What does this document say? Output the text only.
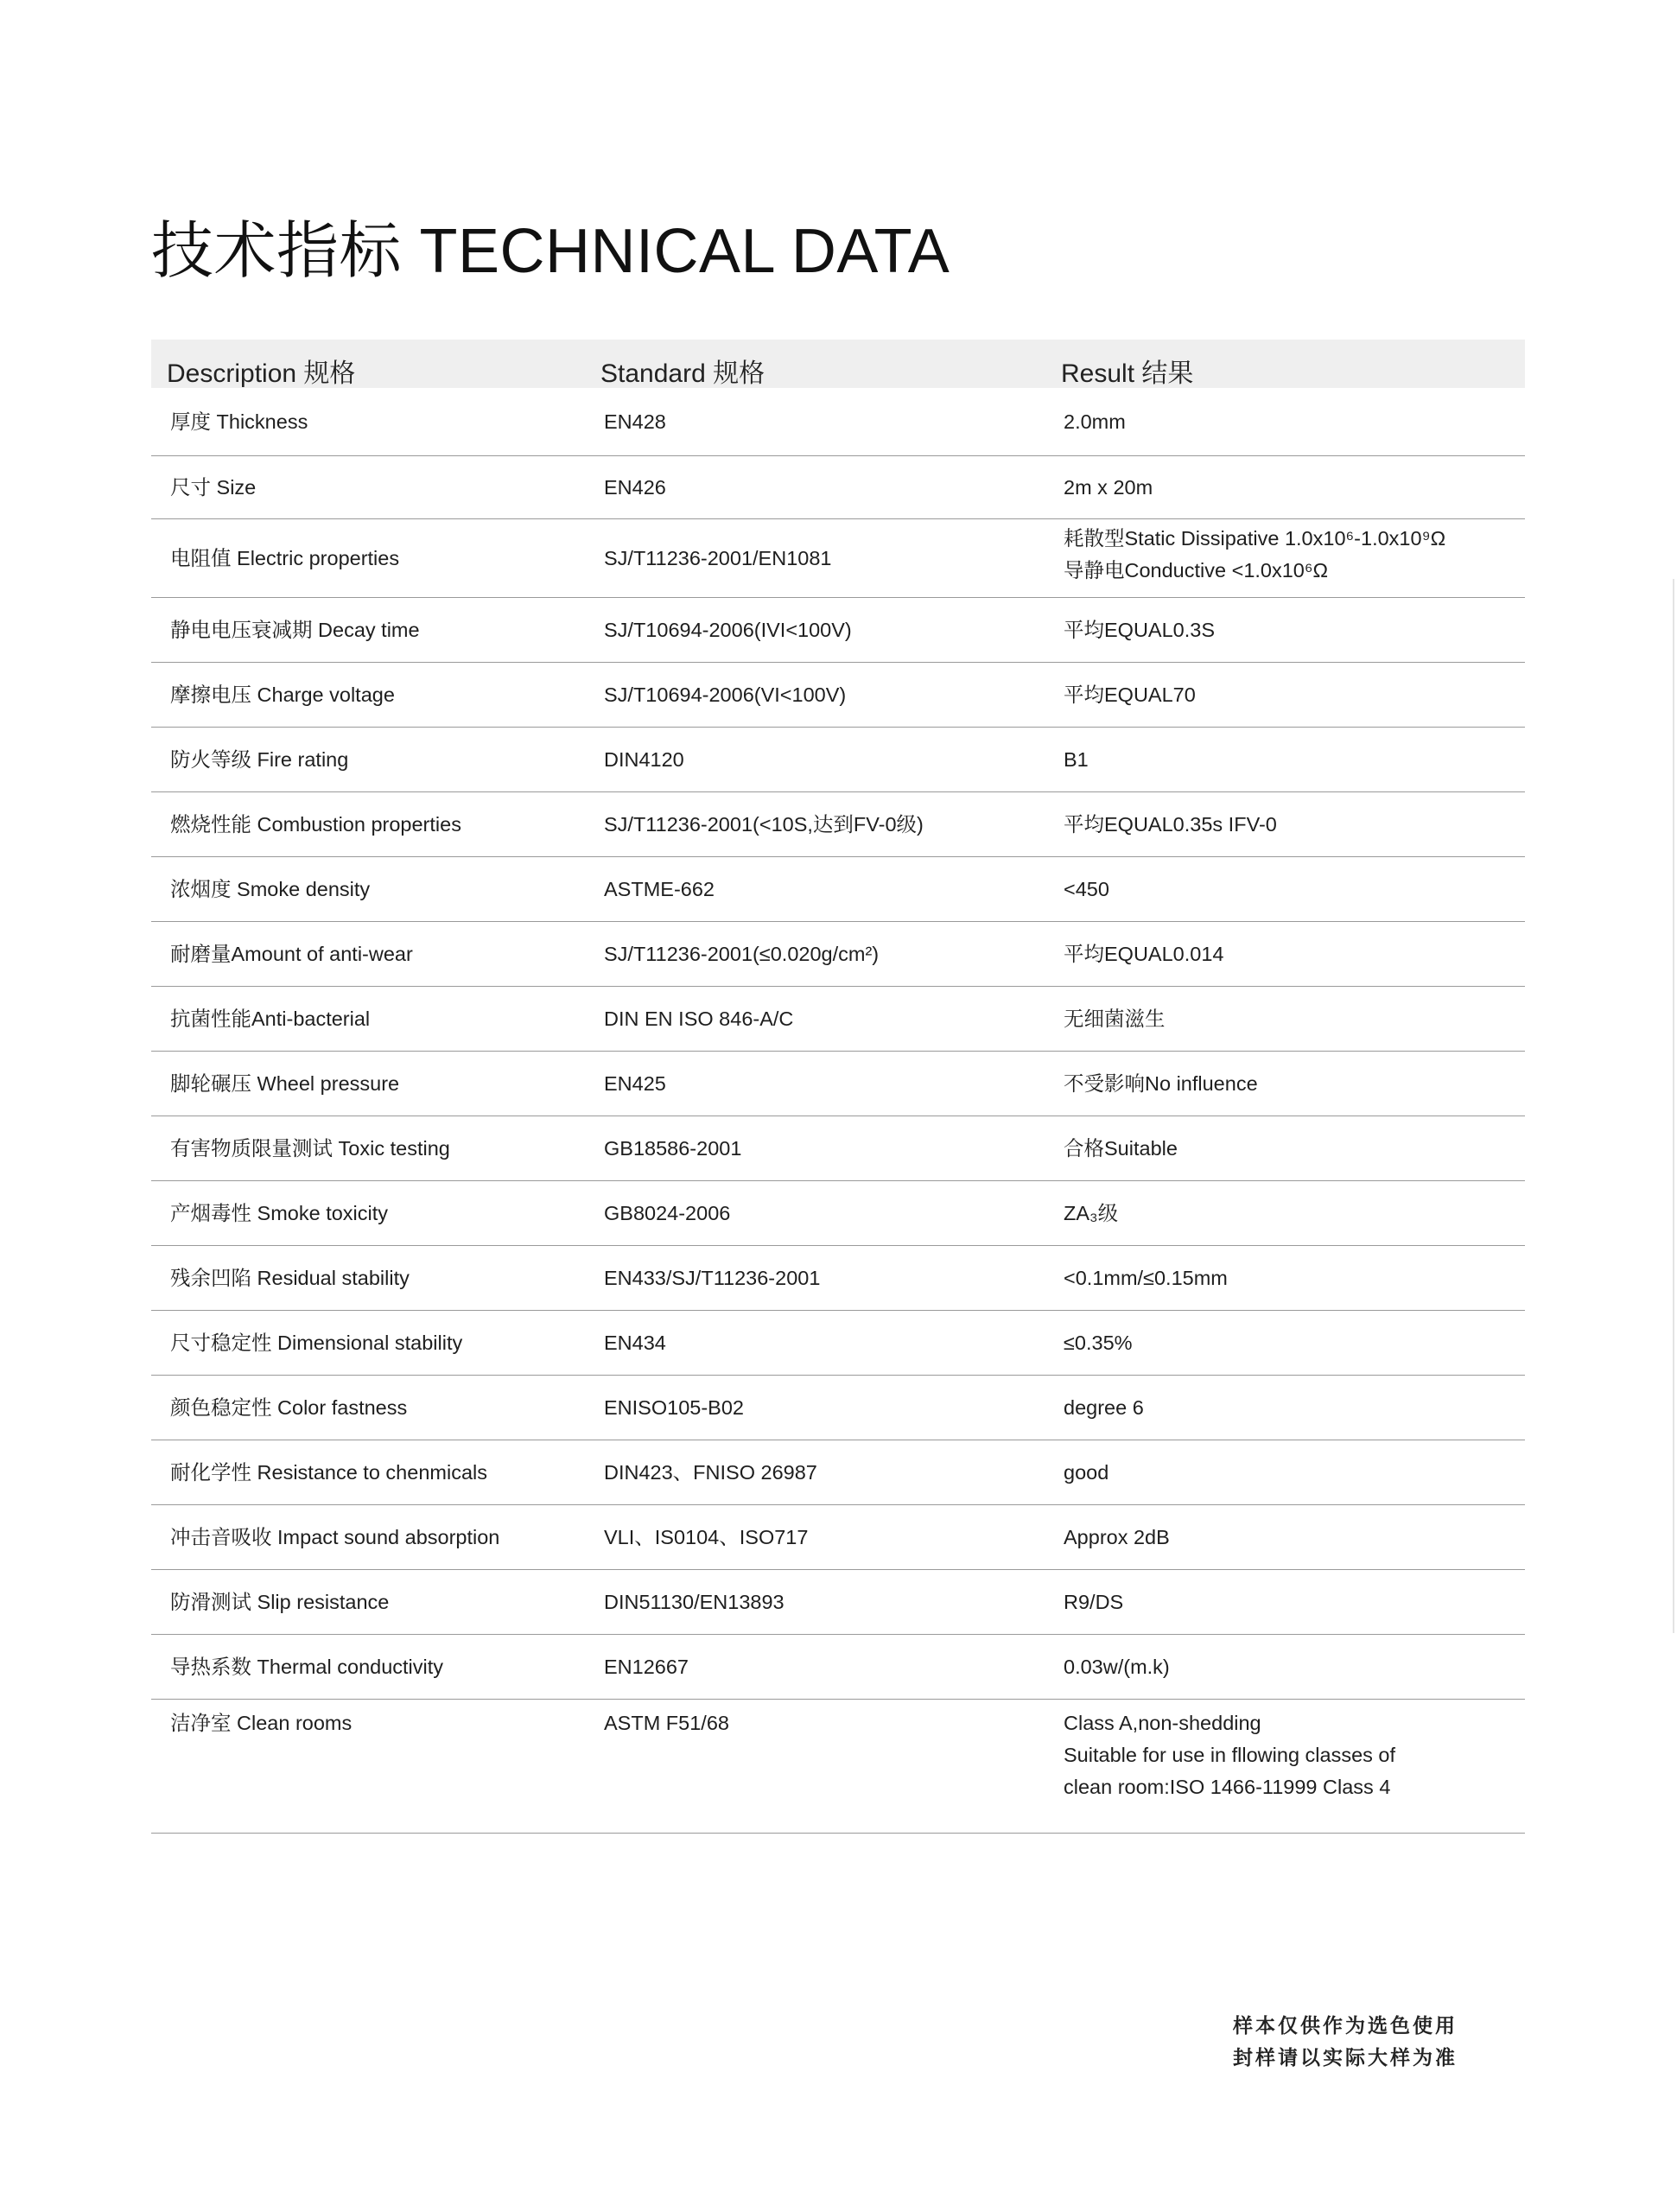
技术指标 TECHNICAL DATA
Description 规格	Standard 规格	Result 结果
厚度 Thickness	EN428	2.0mm
尺寸 Size	EN426	2m x 20m
电阻值 Electric properties	SJ/T11236-2001/EN1081
耗散型Static Dissipative 1.0x10⁶-1.0x10⁹Ω
导静电Conductive <1.0x10⁶Ω
静电电压衰减期 Decay time	SJ/T10694-2006(IVI<100V)	平均EQUAL0.3S
摩擦电压 Charge voltage	SJ/T10694-2006(VI<100V)	平均EQUAL70
防火等级 Fire rating	DIN4120	B1
燃烧性能 Combustion properties	SJ/T11236-2001(<10S,达到FV-0级)	平均EQUAL0.35s IFV-0
浓烟度 Smoke density	ASTME-662	<450
耐磨量Amount of anti-wear	SJ/T11236-2001(≤0.020g/cm²)	平均EQUAL0.014
抗菌性能Anti-bacterial	DIN EN ISO 846-A/C	无细菌滋生
脚轮碾压 Wheel pressure	EN425	不受影响No influence
有害物质限量测试 Toxic testing	GB18586-2001	合格Suitable
产烟毒性 Smoke toxicity	GB8024-2006	ZA₃级
残余凹陷 Residual stability	EN433/SJ/T11236-2001	<0.1mm/≤0.15mm
尺寸稳定性 Dimensional stability	EN434	≤0.35%
颜色稳定性 Color fastness	ENISO105-B02	degree 6
耐化学性 Resistance to chenmicals	DIN423、FNISO 26987	good
冲击音吸收 Impact sound absorption	VLI、IS0104、ISO717	Approx 2dB
防滑测试 Slip resistance	DIN51130/EN13893	R9/DS
导热系数 Thermal conductivity	EN12667	0.03w/(m.k)
洁净室 Clean rooms	ASTM F51/68	Class A,non-shedding
Suitable for use in fllowing classes of
clean room:ISO 1466-11999 Class 4
样本仅供作为选色使用
封样请以实际大样为准
